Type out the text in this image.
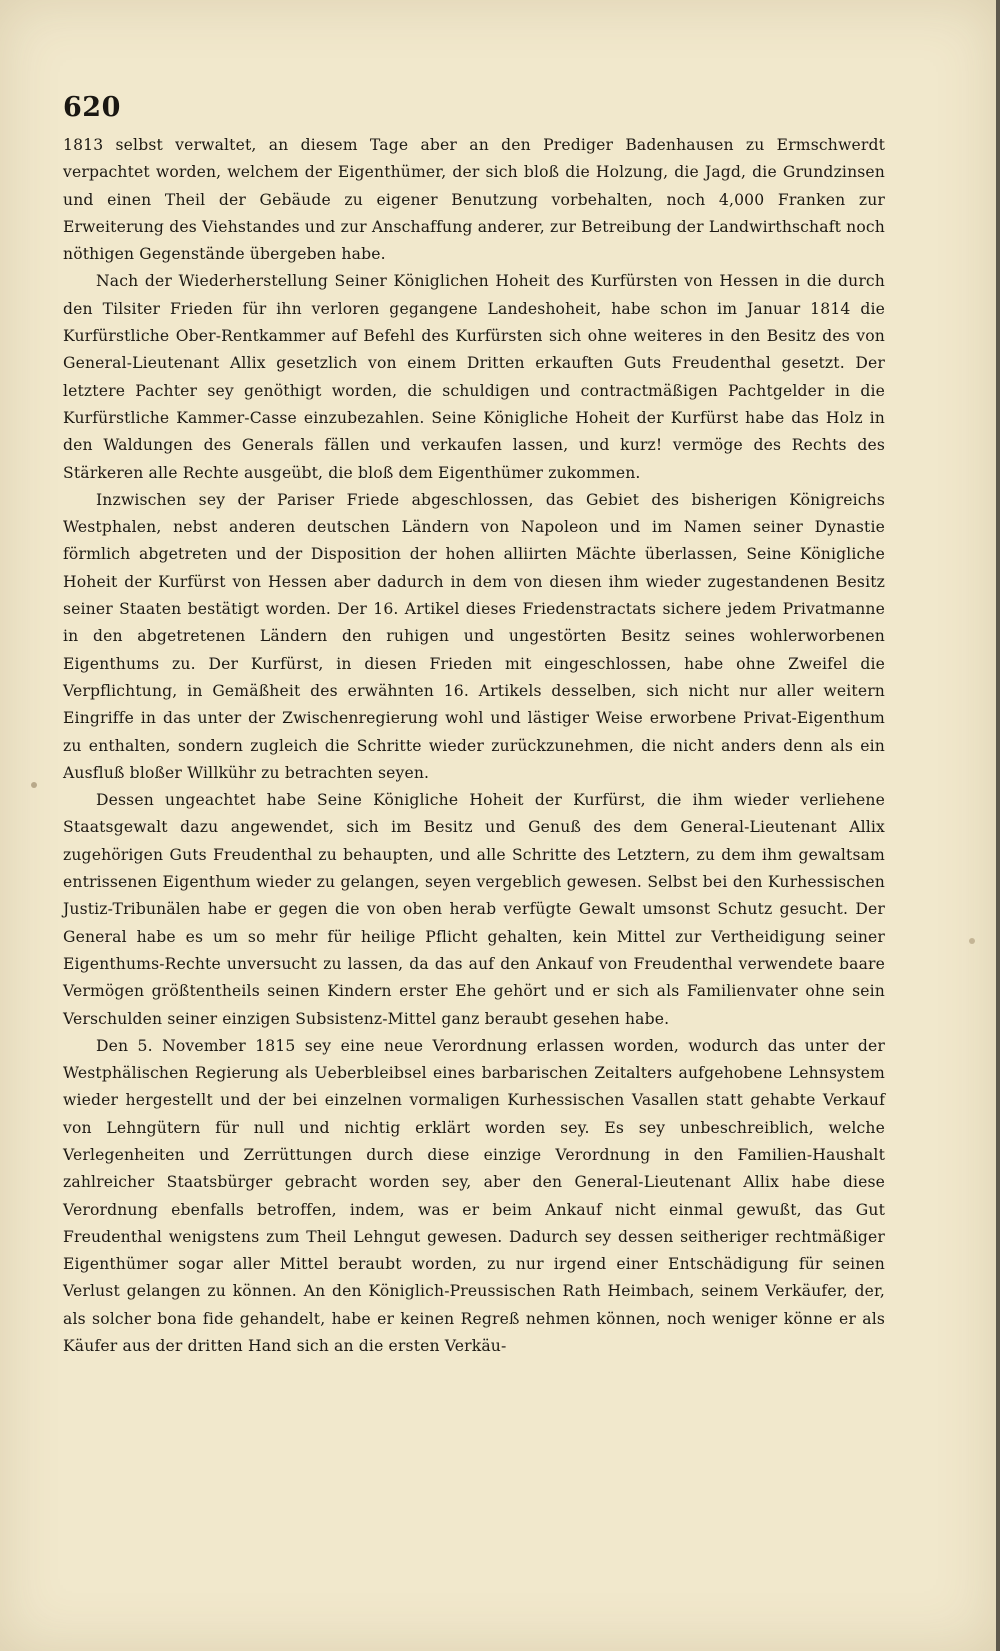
620

1813 selbst verwaltet, an diesem Tage aber an den Prediger Badenhausen zu Ermschwerdt verpachtet worden, welchem der Eigenthümer, der sich bloß die Holzung, die Jagd, die Grundzinsen und einen Theil der Gebäude zu eigener Benutzung vorbehalten, noch 4,000 Franken zur Erweiterung des Viehstandes und zur Anschaffung anderer, zur Betreibung der Landwirthschaft noch nöthigen Gegenstände übergeben habe.

Nach der Wiederherstellung Seiner Königlichen Hoheit des Kurfürsten von Hessen in die durch den Tilsiter Frieden für ihn verloren gegangene Landeshoheit, habe schon im Januar 1814 die Kurfürstliche Ober-Rentkammer auf Befehl des Kurfürsten sich ohne weiteres in den Besitz des von General-Lieutenant Allix gesetzlich von einem Dritten erkauften Guts Freudenthal gesetzt. Der letztere Pachter sey genöthigt worden, die schuldigen und contractmäßigen Pachtgelder in die Kurfürstliche Kammer-Casse einzubezahlen. Seine Königliche Hoheit der Kurfürst habe das Holz in den Waldungen des Generals fällen und verkaufen lassen, und kurz! vermöge des Rechts des Stärkeren alle Rechte ausgeübt, die bloß dem Eigenthümer zukommen.

Inzwischen sey der Pariser Friede abgeschlossen, das Gebiet des bisherigen Königreichs Westphalen, nebst anderen deutschen Ländern von Napoleon und im Namen seiner Dynastie förmlich abgetreten und der Disposition der hohen alliirten Mächte überlassen, Seine Königliche Hoheit der Kurfürst von Hessen aber dadurch in dem von diesen ihm wieder zugestandenen Besitz seiner Staaten bestätigt worden. Der 16. Artikel dieses Friedenstractats sichere jedem Privatmanne in den abgetretenen Ländern den ruhigen und ungestörten Besitz seines wohlerworbenen Eigenthums zu. Der Kurfürst, in diesen Frieden mit eingeschlossen, habe ohne Zweifel die Verpflichtung, in Gemäßheit des erwähnten 16. Artikels desselben, sich nicht nur aller weitern Eingriffe in das unter der Zwischenregierung wohl und lästiger Weise erworbene Privat-Eigenthum zu enthalten, sondern zugleich die Schritte wieder zurückzunehmen, die nicht anders denn als ein Ausfluß bloßer Willkühr zu betrachten seyen.

Dessen ungeachtet habe Seine Königliche Hoheit der Kurfürst, die ihm wieder verliehene Staatsgewalt dazu angewendet, sich im Besitz und Genuß des dem General-Lieutenant Allix zugehörigen Guts Freudenthal zu behaupten, und alle Schritte des Letztern, zu dem ihm gewaltsam entrissenen Eigenthum wieder zu gelangen, seyen vergeblich gewesen. Selbst bei den Kurhessischen Justiz-Tribunälen habe er gegen die von oben herab verfügte Gewalt umsonst Schutz gesucht. Der General habe es um so mehr für heilige Pflicht gehalten, kein Mittel zur Vertheidigung seiner Eigenthums-Rechte unversucht zu lassen, da das auf den Ankauf von Freudenthal verwendete baare Vermögen größtentheils seinen Kindern erster Ehe gehört und er sich als Familienvater ohne sein Verschulden seiner einzigen Subsistenz-Mittel ganz beraubt gesehen habe.

Den 5. November 1815 sey eine neue Verordnung erlassen worden, wodurch das unter der Westphälischen Regierung als Ueberbleibsel eines barbarischen Zeitalters aufgehobene Lehnsystem wieder hergestellt und der bei einzelnen vormaligen Kurhessischen Vasallen statt gehabte Verkauf von Lehngütern für null und nichtig erklärt worden sey. Es sey unbeschreiblich, welche Verlegenheiten und Zerrüttungen durch diese einzige Verordnung in den Familien-Haushalt zahlreicher Staatsbürger gebracht worden sey, aber den General-Lieutenant Allix habe diese Verordnung ebenfalls betroffen, indem, was er beim Ankauf nicht einmal gewußt, das Gut Freudenthal wenigstens zum Theil Lehngut gewesen. Dadurch sey dessen seitheriger rechtmäßiger Eigenthümer sogar aller Mittel beraubt worden, zu nur irgend einer Entschädigung für seinen Verlust gelangen zu können. An den Königlich-Preussischen Rath Heimbach, seinem Verkäufer, der, als solcher bona fide gehandelt, habe er keinen Regreß nehmen können, noch weniger könne er als Käufer aus der dritten Hand sich an die ersten Verkäu-
